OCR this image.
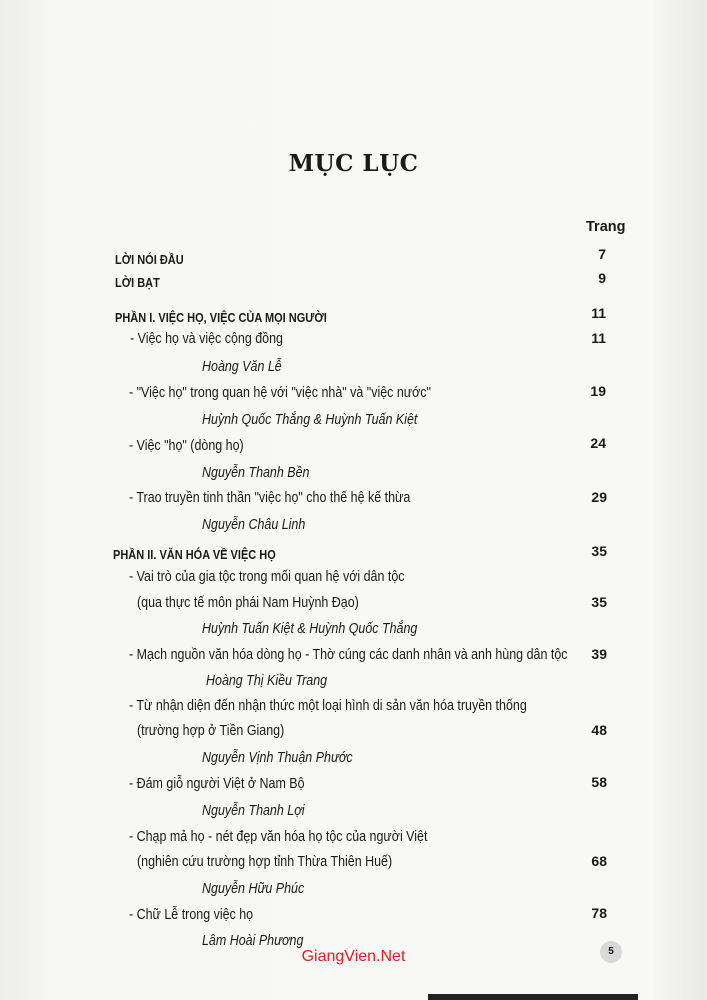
MỤC LỤC
Trang
LỜI NÓI ĐẦU	7
LỜI BẠT	9
PHẦN I. VIỆC HỌ, VIỆC CỦA MỌI NGƯỜI	11
- Việc họ và việc cộng đồng	11
Hoàng Văn Lễ
- "Việc họ" trong quan hệ với "việc nhà" và "việc nước"	19
Huỳnh Quốc Thắng & Huỳnh Tuấn Kiệt
- Việc "họ" (dòng họ)	24
Nguyễn Thanh Bền
- Trao truyền tinh thần "việc họ" cho thế hệ kế thừa	29
Nguyễn Châu Linh
PHẦN II. VĂN HÓA VỀ VIỆC HỌ	35
- Vai trò của gia tộc trong mối quan hệ với dân tộc
(qua thực tế môn phái Nam Huỳnh Đạo)	35
Huỳnh Tuấn Kiệt & Huỳnh Quốc Thắng
- Mạch nguồn văn hóa dòng họ - Thờ cúng các danh nhân và anh hùng dân tộc	39
Hoàng Thị Kiều Trang
- Từ nhận diện đến nhận thức một loại hình di sản văn hóa truyền thống
(trường hợp ở Tiền Giang)	48
Nguyễn Vịnh Thuận Phước
- Đám giỗ người Việt ở Nam Bộ	58
Nguyễn Thanh Lợi
- Chạp mả họ - nét đẹp văn hóa họ tộc của người Việt
(nghiên cứu trường hợp tỉnh Thừa Thiên Huế)	68
Nguyễn Hữu Phúc
- Chữ Lễ trong việc họ	78
Lâm Hoài Phương
GiangVien.Net	5
